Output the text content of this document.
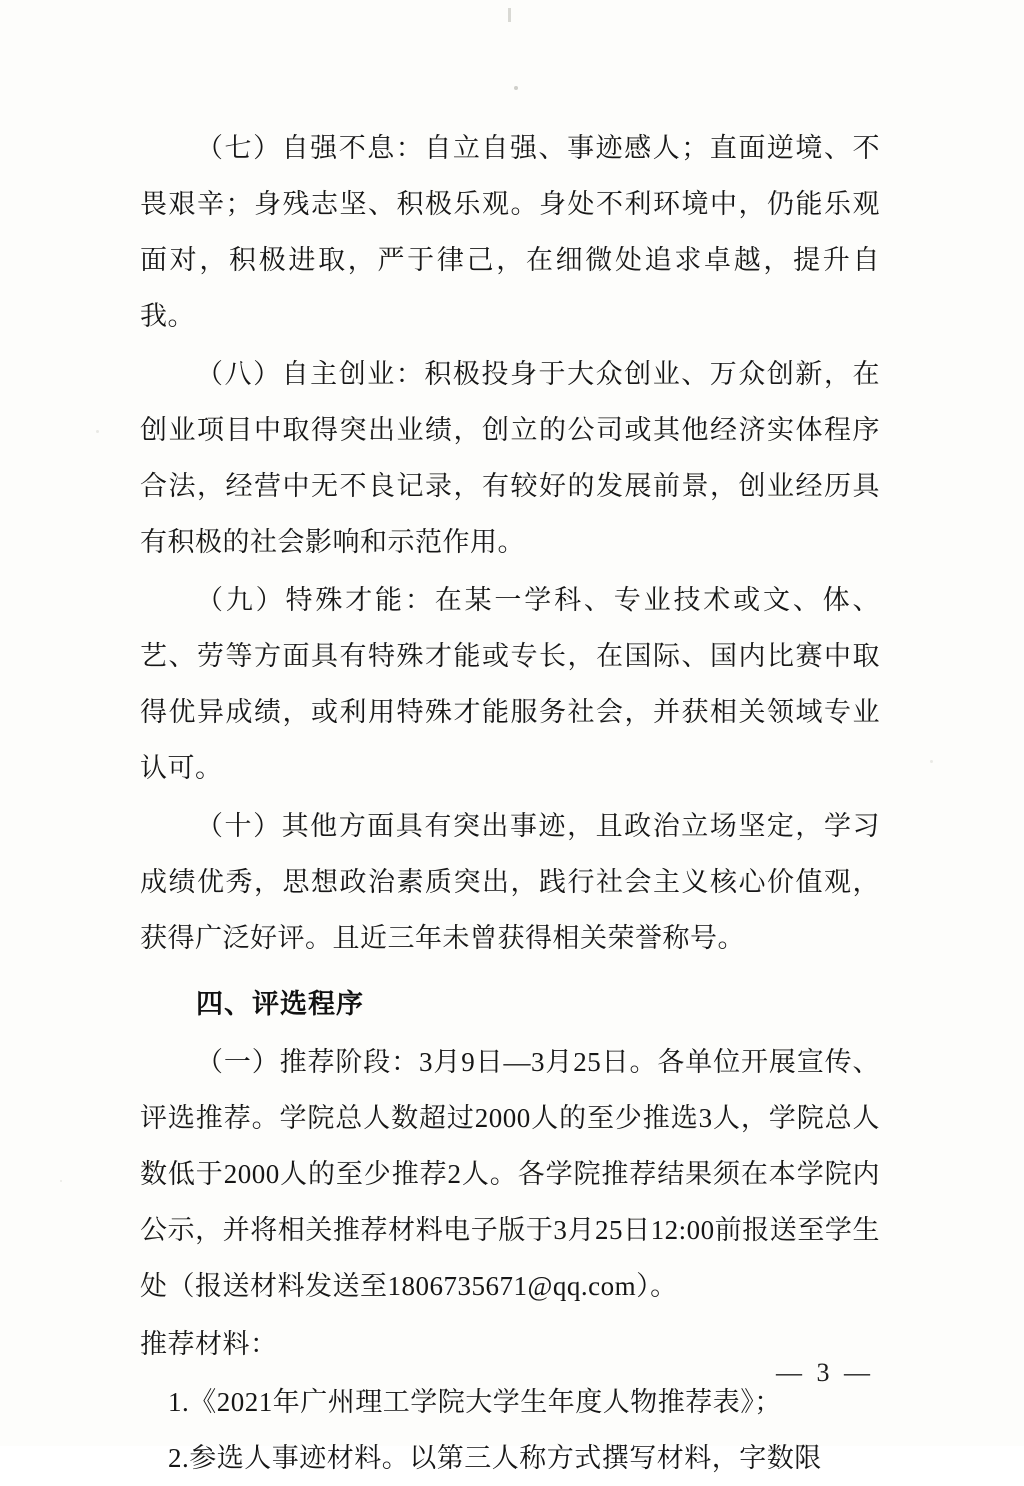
（七）自强不息：自立自强、事迹感人；直面逆境、不畏艰辛；身残志坚、积极乐观。身处不利环境中，仍能乐观面对，积极进取，严于律己，在细微处追求卓越，提升自我。

（八）自主创业：积极投身于大众创业、万众创新，在创业项目中取得突出业绩，创立的公司或其他经济实体程序合法，经营中无不良记录，有较好的发展前景，创业经历具有积极的社会影响和示范作用。

（九）特殊才能：在某一学科、专业技术或文、体、艺、劳等方面具有特殊才能或专长，在国际、国内比赛中取得优异成绩，或利用特殊才能服务社会，并获相关领域专业认可。

（十）其他方面具有突出事迹，且政治立场坚定，学习成绩优秀，思想政治素质突出，践行社会主义核心价值观，获得广泛好评。且近三年未曾获得相关荣誉称号。

四、评选程序

（一）推荐阶段：3月9日—3月25日。各单位开展宣传、评选推荐。学院总人数超过2000人的至少推选3人，学院总人数低于2000人的至少推荐2人。各学院推荐结果须在本学院内公示，并将相关推荐材料电子版于3月25日12:00前报送至学生处（报送材料发送至1806735671@qq.com）。

推荐材料：

1.《2021年广州理工学院大学生年度人物推荐表》；

2.参选人事迹材料。以第三人称方式撰写材料，字数限

— 3 —
